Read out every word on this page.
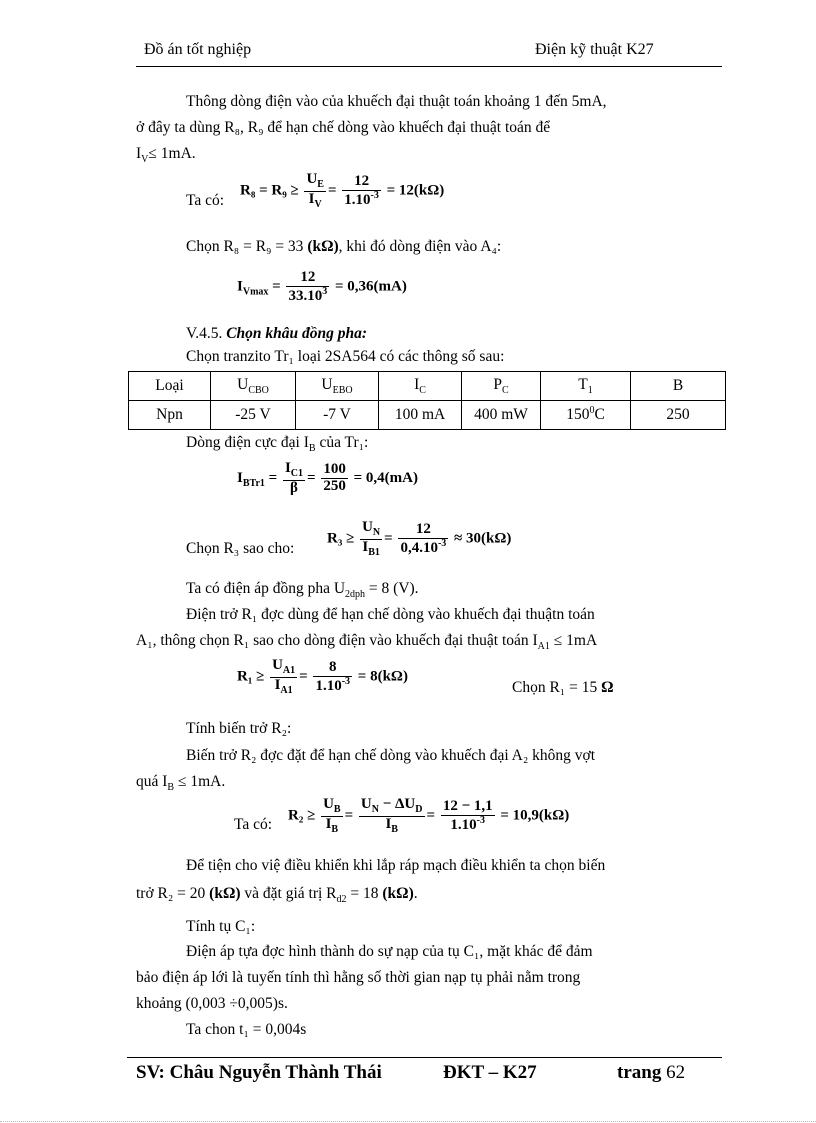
Đồ án tốt nghiệp	Điện kỹ thuật K27
Thông dòng điện vào của khuếch đại thuật toán khoảng 1 đến 5mA,
ở đây ta dùng R₈, R₉ để hạn chế dòng vào khuếch đại thuật toán để
$I_V\le 1mA$.
Ta có:
$R_8 = R_9 \ge \frac{U_E}{I_V} = \frac{12}{1.10^{-3}} = 12(k\Omega)$
Chọn R₈ = R₉ = 33 (kΩ), khi đó dòng điện vào A₄:
$I_{Vmax} = \frac{12}{33.10^3} = 0,36(mA)$
V.4.5. Chọn khâu đồng pha:
Chọn tranzito Tr₁ loại 2SA564 có các thông số sau:
Loại	$U_{CBO}$	$U_{EBO}$	$I_C$	$P_C$	$T_1$	B
Npn	-25 V	-7 V	100 mA	400 mW	$150^0C$	250
Dòng điện cực đại $I_B$ của Tr₁:
$I_{BTr1} = \frac{I_{C1}}{\beta} = \frac{100}{250} = 0,4(mA)$
Chọn R₃ sao cho:
$R_3 \ge \frac{U_N}{I_{B1}} = \frac{12}{0,4.10^{-3}} \approx 30(k\Omega)$
Ta có điện áp đồng pha $U_{2dph} = 8$ (V).
Điện trở R₁ đợc dùng để hạn chế dòng vào khuếch đại thuậtn toán
A₁, thông chọn R₁ sao cho dòng điện vào khuếch đại thuật toán $I_{A1} \le 1mA$
$R_1 \ge \frac{U_{A1}}{I_{A1}} = \frac{8}{1.10^{-3}} = 8(k\Omega)$
Chọn R₁ = 15 Ω
Tính biến trở R₂:
Biến trở R₂ đợc đặt để hạn chế dòng vào khuếch đại A₂ không vợt
quá $I_B \le 1mA$.
Ta có:
$R_2 \ge \frac{U_B}{I_B} = \frac{U_N - \Delta U_D}{I_B} = \frac{12 - 1,1}{1.10^{-3}} = 10,9(k\Omega)$
Để tiện cho việ điều khiển khi lắp ráp mạch điều khiển ta chọn biến
trở R₂ = 20 (kΩ) và đặt giá trị $R_{d2} = 18$ (kΩ).
Tính tụ C₁:
Điện áp tựa đợc hình thành do sự nạp của tụ C₁, mặt khác để đảm
bảo điện áp lới là tuyến tính thì hằng số thời gian nạp tụ phải nằm trong
khoảng (0,003 ÷0,005)s.
Ta chon t₁ = 0,004s
SV: Châu Nguyễn Thành Thái	ĐKT – K27	trang 62
